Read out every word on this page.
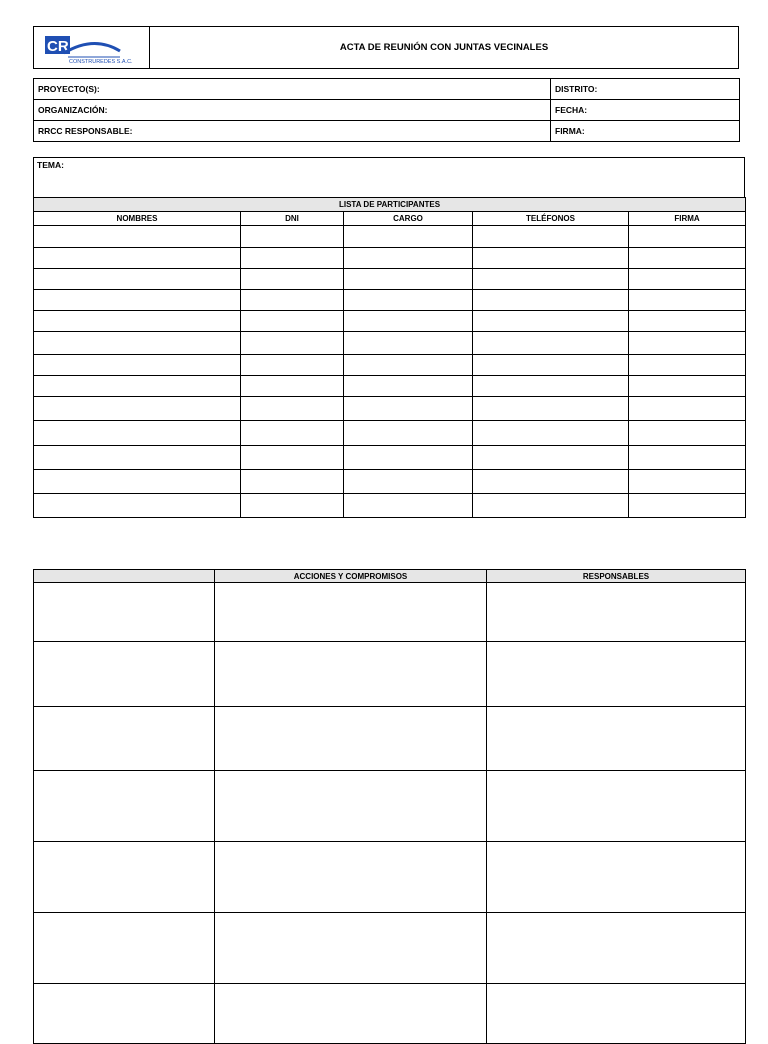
CR
CONSTRUREDES S.A.C.
	ACTA DE REUNIÓN CON JUNTAS VECINALES
PROYECTO(S):	DISTRITO:
ORGANIZACIÓN:	FECHA:
RRCC RESPONSABLE:	FIRMA:
TEMA:
LISTA DE PARTICIPANTES				
NOMBRES	DNI	CARGO	TELÉFONOS	FIRMA

	ACCIONES Y COMPROMISOS	RESPONSABLES
